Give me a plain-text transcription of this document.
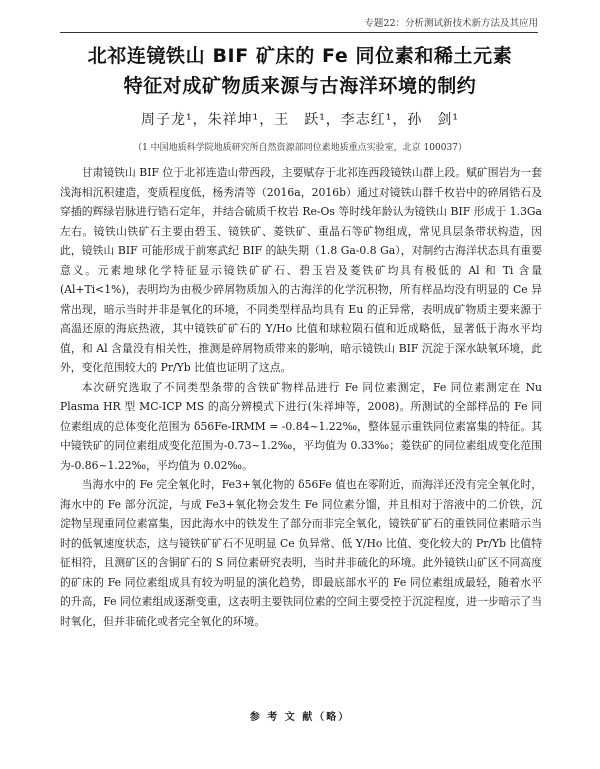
专题22：分析测试新技术新方法及其应用
北祁连镜铁山 BIF 矿床的 Fe 同位素和稀土元素
特征对成矿物质来源与古海洋环境的制约
周子龙¹，朱祥坤¹，王　跃¹，李志红¹，孙　剑¹
（1 中国地质科学院地质研究所自然资源部同位素地质重点实验室，北京 100037）

甘肃镜铁山 BIF 位于北祁连造山带西段，主要赋存于北祁连西段镜铁山群上段。赋矿围岩为一套浅海相沉积建造，变质程度低，杨秀清等（2016a，2016b）通过对镜铁山群千枚岩中的碎屑锆石及穿插的辉绿岩脉进行锆石定年，并结合硫质千枚岩 Re-Os 等时线年龄认为镜铁山 BIF 形成于 1.3Ga 左右。镜铁山铁矿石主要由碧玉、镜铁矿、菱铁矿、重晶石等矿物组成，常见具层条带状构造，因此，镜铁山 BIF 可能形成于前寒武纪 BIF 的缺失期（1.8 Ga-0.8 Ga），对制约古海洋状态具有重要意义。元素地球化学特征显示镜铁矿矿石、碧玉岩及菱铁矿均具有极低的 Al 和 Ti 含量(Al+Ti<1%)，表明均为由极少碎屑物质加入的古海洋的化学沉积物，所有样品均没有明显的 Ce 异常出现，暗示当时并非是氧化的环境，不同类型样品均具有 Eu 的正异常，表明成矿物质主要来源于高温还原的海底热液，其中镜铁矿矿石的 Y/Ho 比值和球粒陨石值和近成略低，显著低于海水平均值，和 Al 含量没有相关性，推测是碎屑物质带来的影响，暗示镜铁山 BIF 沉淀于深水缺氧环境，此外，变化范围较大的 Pr/Yb 比值也证明了这点。

本次研究选取了不同类型条带的含铁矿物样品进行 Fe 同位素测定，Fe 同位素测定在 Nu Plasma HR 型 MC-ICP MS 的高分辨模式下进行(朱祥坤等，2008)。所测试的全部样品的 Fe 同位素组成的总体变化范围为 δ56Fe-IRMM = -0.84~1.22‰，整体显示重铁同位素富集的特征。其中镜铁矿的同位素组成变化范围为-0.73~1.2‰，平均值为 0.33‰；菱铁矿的同位素组成变化范围为-0.86~1.22‰，平均值为 0.02‰。

当海水中的 Fe 完全氧化时，Fe3+氧化物的 δ56Fe 值也在零附近，而海洋还没有完全氧化时，海水中的 Fe 部分沉淀，与成 Fe3+氧化物会发生 Fe 同位素分馏，并且相对于溶液中的二价铁，沉淀物呈现重同位素富集，因此海水中的铁发生了部分而非完全氧化，镜铁矿矿石的重铁同位素暗示当时的低氧速度状态，这与镜铁矿矿石不见明显 Ce 负异常、低 Y/Ho 比值、变化较大的 Pr/Yb 比值特征相符，且测矿区的含铜矿石的 S 同位素研究表明，当时并非硫化的环境。此外镜铁山矿区不同高度的矿床的 Fe 同位素组成具有较为明显的演化趋势，即最底部水平的 Fe 同位素组成最轻，随着水平的升高，Fe 同位素组成逐渐变重，这表明主要铁同位素的空间主要受控于沉淀程度，进一步暗示了当时氧化，但并非硫化或者完全氧化的环境。

参 考 文 献（略）
